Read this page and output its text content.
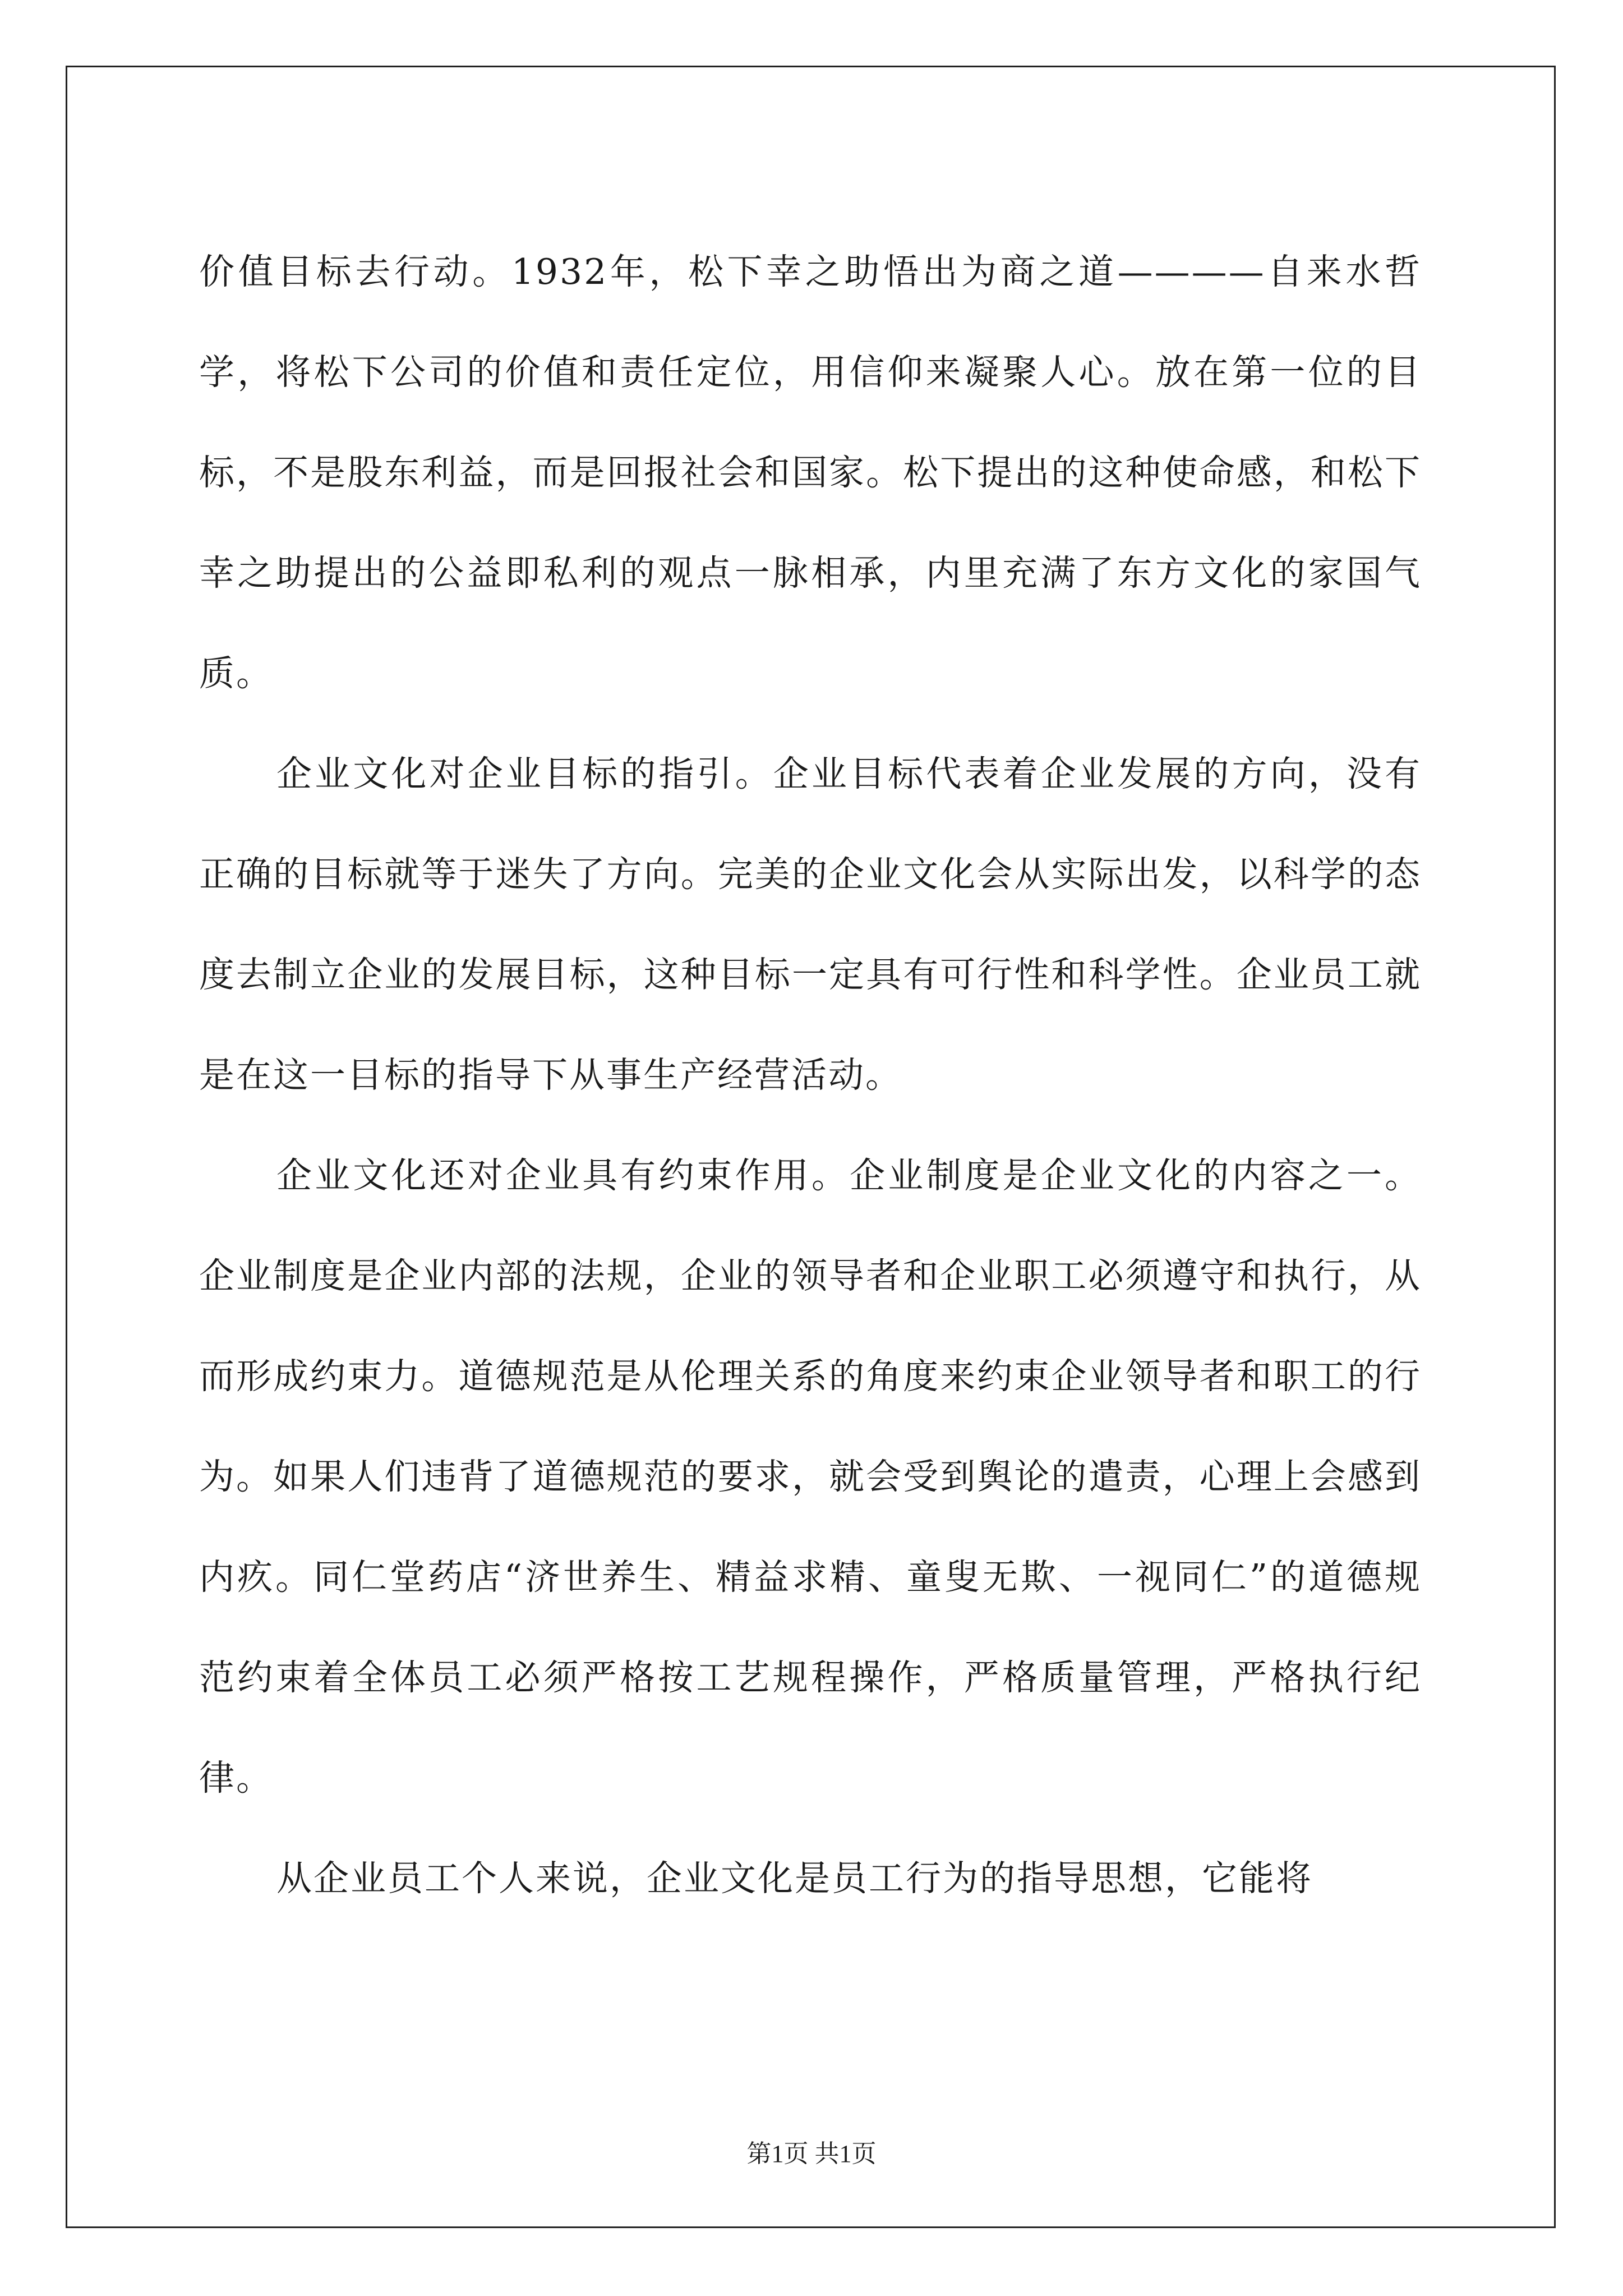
价值目标去行动。1932年，松下幸之助悟出为商之道————自来水哲学，将松下公司的价值和责任定位，用信仰来凝聚人心。放在第一位的目标，不是股东利益，而是回报社会和国家。松下提出的这种使命感，和松下幸之助提出的公益即私利的观点一脉相承，内里充满了东方文化的家国气质。

企业文化对企业目标的指引。企业目标代表着企业发展的方向，没有正确的目标就等于迷失了方向。完美的企业文化会从实际出发，以科学的态度去制立企业的发展目标，这种目标一定具有可行性和科学性。企业员工就是在这一目标的指导下从事生产经营活动。

企业文化还对企业具有约束作用。企业制度是企业文化的内容之一。企业制度是企业内部的法规，企业的领导者和企业职工必须遵守和执行，从而形成约束力。道德规范是从伦理关系的角度来约束企业领导者和职工的行为。如果人们违背了道德规范的要求，就会受到舆论的遣责，心理上会感到内疚。同仁堂药店“济世养生、精益求精、童叟无欺、一视同仁”的道德规范约束着全体员工必须严格按工艺规程操作，严格质量管理，严格执行纪律。

从企业员工个人来说，企业文化是员工行为的指导思想，它能将

第1页 共1页
